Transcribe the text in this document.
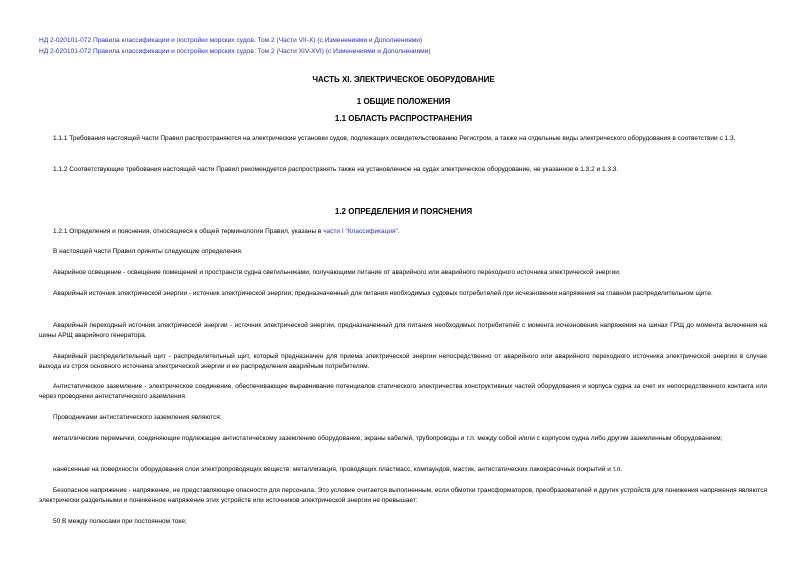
НД 2-020101-072 Правила классификации и постройки морских судов. Том 2 (Части VII-X) (с Изменениями и Дополнениями)
НД 2-020101-072 Правила классификации и постройки морских судов. Том 2 (Части XIV-XVI) (с Изменениями и Дополнениями)
ЧАСТЬ XI. ЭЛЕКТРИЧЕСКОЕ ОБОРУДОВАНИЕ
1 ОБЩИЕ ПОЛОЖЕНИЯ
1.1 ОБЛАСТЬ РАСПРОСТРАНЕНИЯ
1.1.1 Требования настоящей части Правил распространяются на электрические установки судов, подлежащих освидетельствованию Регистром, а также на отдельные виды электрического оборудования в соответствии с 1.3.
1.1.2 Соответствующие требования настоящей части Правил рекомендуется распространять также на установленное на судах электрическое оборудование, не указанное в 1.3.2 и 1.3.3.
1.2 ОПРЕДЕЛЕНИЯ И ПОЯСНЕНИЯ
1.2.1 Определения и пояснения, относящиеся к общей терминологии Правил, указаны в части I "Классификация".
В настоящей части Правил приняты следующие определения.
Аварийное освещение - освещение помещений и пространств судна светильниками, получающими питание от аварийного или аварийного переходного источника электрической энергии.
Аварийный источник электрической энергии - источник электрической энергии, предназначенный для питания необходимых судовых потребителей при исчезновении напряжения на главном распределительном щите.
Аварийный переходный источник электрической энергии - источник электрической энергии, предназначенный для питания необходимых потребителей с момента исчезновения напряжения на шинах ГРЩ до момента включения на шины АРЩ аварийного генератора.
Аварийный распределительный щит - распределительный щит, который предназначен для приема электрической энергии непосредственно от аварийного или аварийного переходного источника электрической энергии в случае выхода из строя основного источника электрической энергии и ее распределения аварийным потребителям.
Антистатическое заземление - электрическое соединение, обеспечивающее выравнивание потенциалов статического электричества конструктивных частей оборудования и корпуса судна за счет их непосредственного контакта или через проводники антистатического заземления.
Проводниками антистатического заземления являются:
металлические перемычки, соединяющие подлежащее антистатическому заземлению оборудование, экраны кабелей, трубопроводы и т.п. между собой и/или с корпусом судна либо другим заземленным оборудованием;
нанесенные на поверхности оборудования слои электропроводящих веществ: металлизация, проводящих пластмасс, компаундов, мастик, антистатических лакокрасочных покрытий и т.п.
Безопасное напряжение - напряжение, не представляющее опасности для персонала. Это условие считается выполненным, если обмотки трансформаторов, преобразователей и других устройств для понижения напряжения являются электрически раздельными и пониженное напряжение этих устройств или источников электрической энергии не превышает:
50 В между полюсами при постоянном токе;
